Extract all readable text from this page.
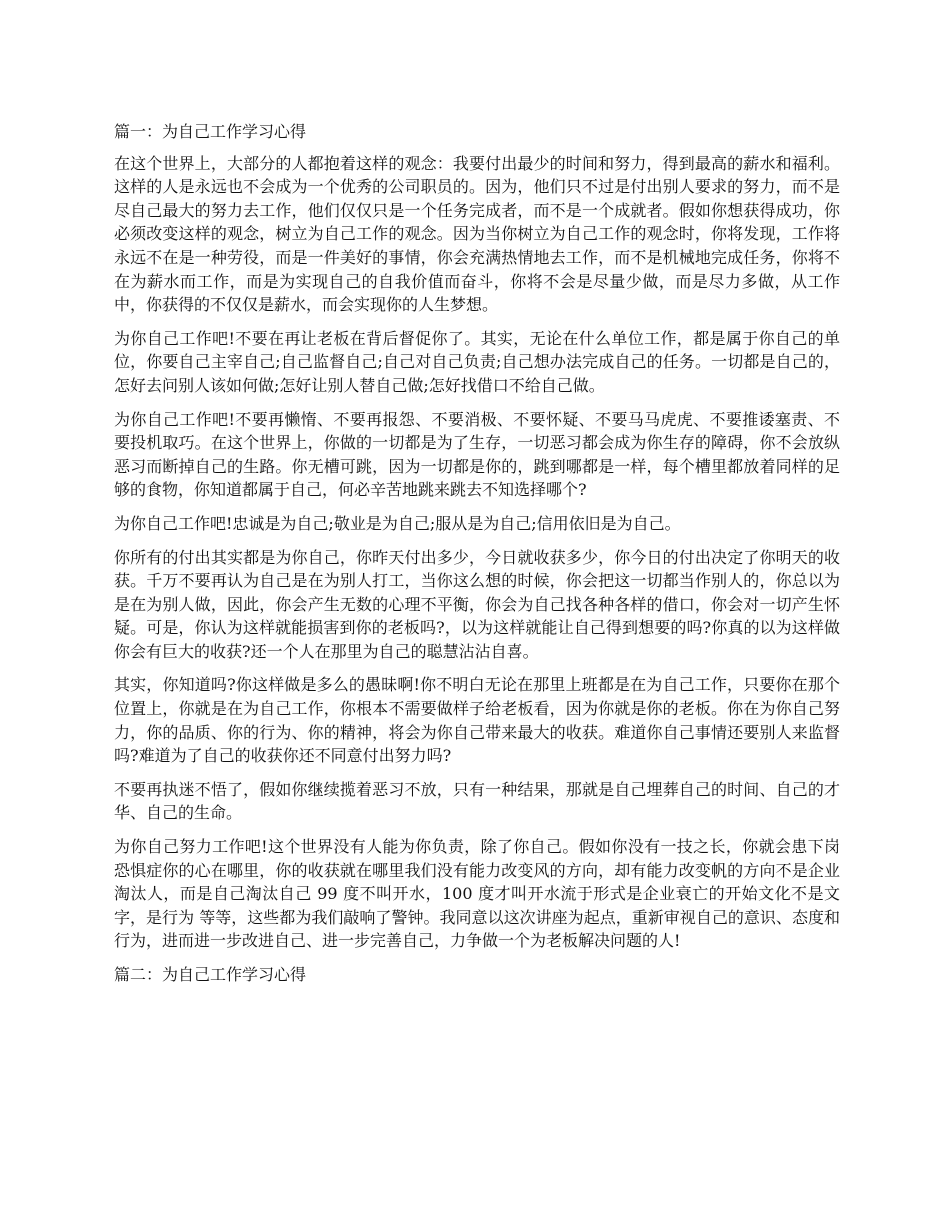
篇一：为自己工作学习心得

在这个世界上，大部分的人都抱着这样的观念：我要付出最少的时间和努力，得到最高的薪水和福利。这样的人是永远也不会成为一个优秀的公司职员的。因为，他们只不过是付出别人要求的努力，而不是尽自己最大的努力去工作，他们仅仅只是一个任务完成者，而不是一个成就者。假如你想获得成功，你必须改变这样的观念，树立为自己工作的观念。因为当你树立为自己工作的观念时，你将发现，工作将永远不在是一种劳役，而是一件美好的事情，你会充满热情地去工作，而不是机械地完成任务，你将不在为薪水而工作，而是为实现自己的自我价值而奋斗，你将不会是尽量少做，而是尽力多做，从工作中，你获得的不仅仅是薪水，而会实现你的人生梦想。

为你自己工作吧!不要在再让老板在背后督促你了。其实，无论在什么单位工作，都是属于你自己的单位，你要自己主宰自己;自己监督自己;自己对自己负责;自己想办法完成自己的任务。一切都是自己的，怎好去问别人该如何做;怎好让别人替自己做;怎好找借口不给自己做。

为你自己工作吧!不要再懒惰、不要再报怨、不要消极、不要怀疑、不要马马虎虎、不要推诿塞责、不要投机取巧。在这个世界上，你做的一切都是为了生存，一切恶习都会成为你生存的障碍，你不会放纵恶习而断掉自己的生路。你无槽可跳，因为一切都是你的，跳到哪都是一样，每个槽里都放着同样的足够的食物，你知道都属于自己，何必辛苦地跳来跳去不知选择哪个?

为你自己工作吧!忠诚是为自己;敬业是为自己;服从是为自己;信用依旧是为自己。

你所有的付出其实都是为你自己，你昨天付出多少，今日就收获多少，你今日的付出决定了你明天的收获。千万不要再认为自己是在为别人打工，当你这么想的时候，你会把这一切都当作别人的，你总以为是在为别人做，因此，你会产生无数的心理不平衡，你会为自己找各种各样的借口，你会对一切产生怀疑。可是，你认为这样就能损害到你的老板吗?，以为这样就能让自己得到想要的吗?你真的以为这样做你会有巨大的收获?还一个人在那里为自己的聪慧沾沾自喜。

其实，你知道吗?你这样做是多么的愚昧啊!你不明白无论在那里上班都是在为自己工作，只要你在那个位置上，你就是在为自己工作，你根本不需要做样子给老板看，因为你就是你的老板。你在为你自己努力，你的品质、你的行为、你的精神，将会为你自己带来最大的收获。难道你自己事情还要别人来监督吗?难道为了自己的收获你还不同意付出努力吗?

不要再执迷不悟了，假如你继续揽着恶习不放，只有一种结果，那就是自己埋葬自己的时间、自己的才华、自己的生命。

为你自己努力工作吧!这个世界没有人能为你负责，除了你自己。假如你没有一技之长，你就会患下岗恐惧症你的心在哪里，你的收获就在哪里我们没有能力改变风的方向，却有能力改变帆的方向不是企业淘汰人，而是自己淘汰自己 99 度不叫开水，100 度才叫开水流于形式是企业衰亡的开始文化不是文字，是行为 等等，这些都为我们敲响了警钟。我同意以这次讲座为起点，重新审视自己的意识、态度和行为，进而进一步改进自己、进一步完善自己，力争做一个为老板解决问题的人!

篇二：为自己工作学习心得
